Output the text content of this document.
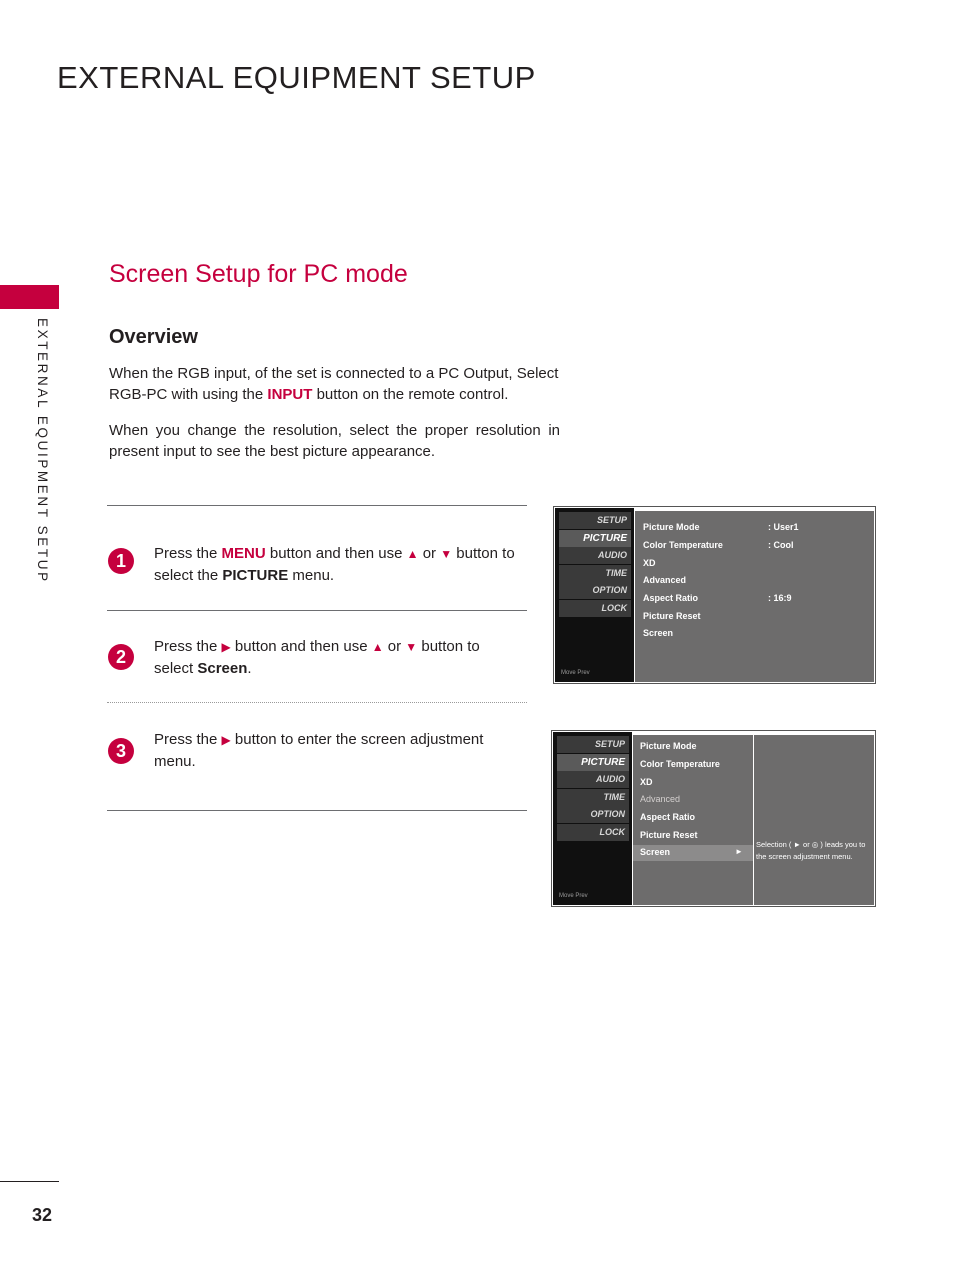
EXTERNAL EQUIPMENT SETUP
EXTERNAL EQUIPMENT SETUP
Screen Setup for PC mode
Overview
When the RGB input, of the set is connected to a PC Output, Select RGB-PC with using the INPUT button on the remote control.
When you change the resolution, select the proper resolution in present input to see the best picture appearance.
1	Press the MENU button and then use ▲ or ▼ button to select the PICTURE menu.
2
Press the ▶ button and then use ▲ or ▼ button to select Screen.
3
Press the ▶ button to enter the screen adjustment menu.
SETUP
PICTURE
AUDIO
TIME
OPTION
LOCK
Move Prev
Picture Mode
Color Temperature
XD
Advanced
Aspect Ratio
Picture Reset
Screen
: User1
: Cool
: 16:9
SETUP
PICTURE
AUDIO
TIME
OPTION
LOCK
Move Prev
Picture Mode
Color Temperature
XD
Advanced
Aspect Ratio
Picture Reset
Screen	►
Selection ( ► or ◎ ) leads you to the screen adjustment menu.
32
